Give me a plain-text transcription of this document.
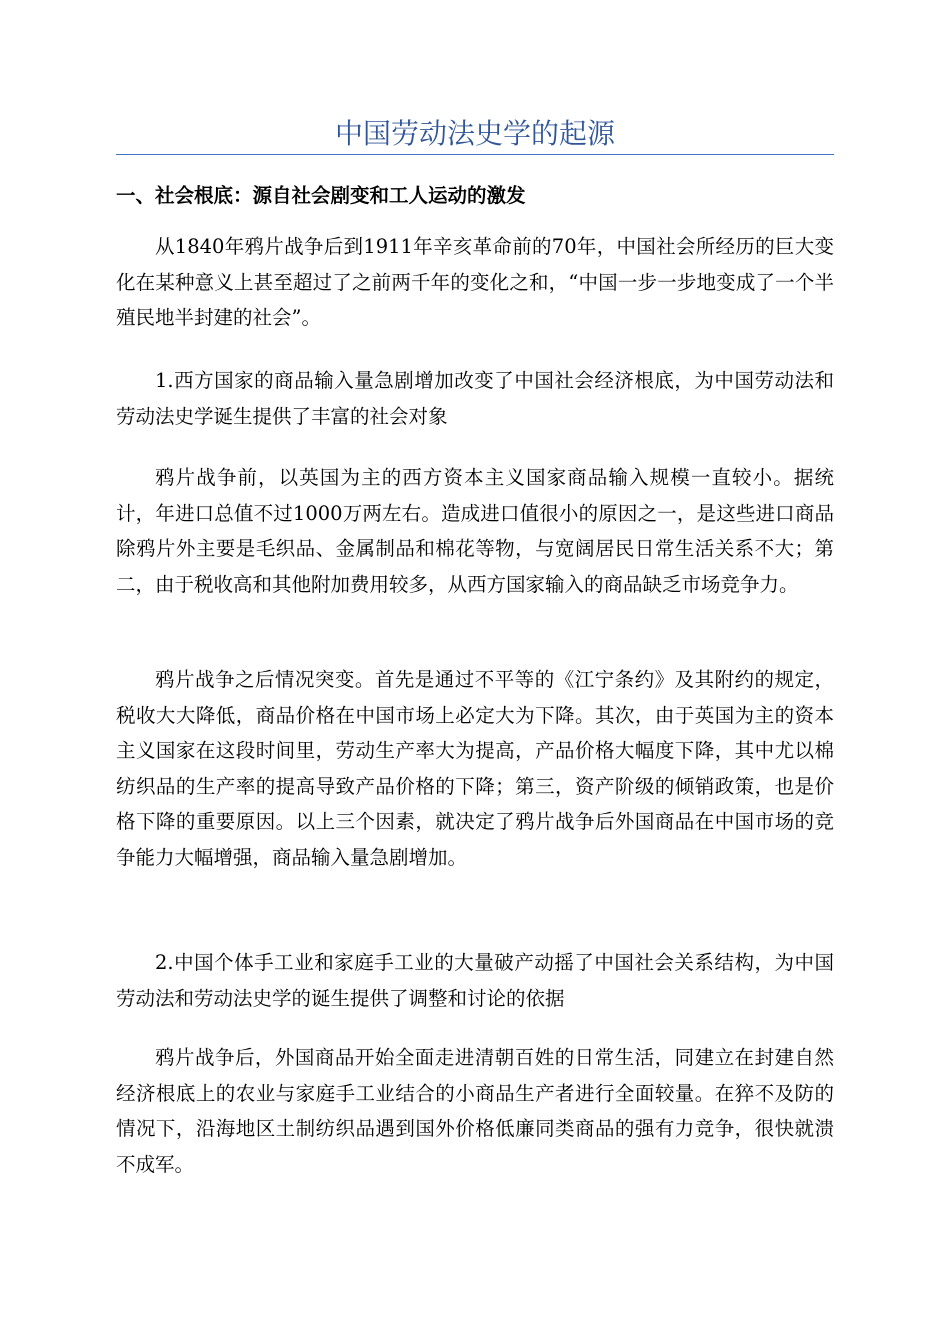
中国劳动法史学的起源
一、社会根底：源自社会剧变和工人运动的激发

从1840年鸦片战争后到1911年辛亥革命前的70年，中国社会所经历的巨大变化在某种意义上甚至超过了之前两千年的变化之和，“中国一步一步地变成了一个半殖民地半封建的社会”。

1.西方国家的商品输入量急剧增加改变了中国社会经济根底，为中国劳动法和劳动法史学诞生提供了丰富的社会对象

鸦片战争前，以英国为主的西方资本主义国家商品输入规模一直较小。据统计，年进口总值不过1000万两左右。造成进口值很小的原因之一，是这些进口商品除鸦片外主要是毛织品、金属制品和棉花等物，与宽阔居民日常生活关系不大；第二，由于税收高和其他附加费用较多，从西方国家输入的商品缺乏市场竞争力。

鸦片战争之后情况突变。首先是通过不平等的《江宁条约》及其附约的规定，税收大大降低，商品价格在中国市场上必定大为下降。其次，由于英国为主的资本主义国家在这段时间里，劳动生产率大为提高，产品价格大幅度下降，其中尤以棉纺织品的生产率的提高导致产品价格的下降；第三，资产阶级的倾销政策，也是价格下降的重要原因。以上三个因素，就决定了鸦片战争后外国商品在中国市场的竞争能力大幅增强，商品输入量急剧增加。

2.中国个体手工业和家庭手工业的大量破产动摇了中国社会关系结构，为中国劳动法和劳动法史学的诞生提供了调整和讨论的依据

鸦片战争后，外国商品开始全面走进清朝百姓的日常生活，同建立在封建自然经济根底上的农业与家庭手工业结合的小商品生产者进行全面较量。在猝不及防的情况下，沿海地区土制纺织品遇到国外价格低廉同类商品的强有力竞争，很快就溃不成军。
